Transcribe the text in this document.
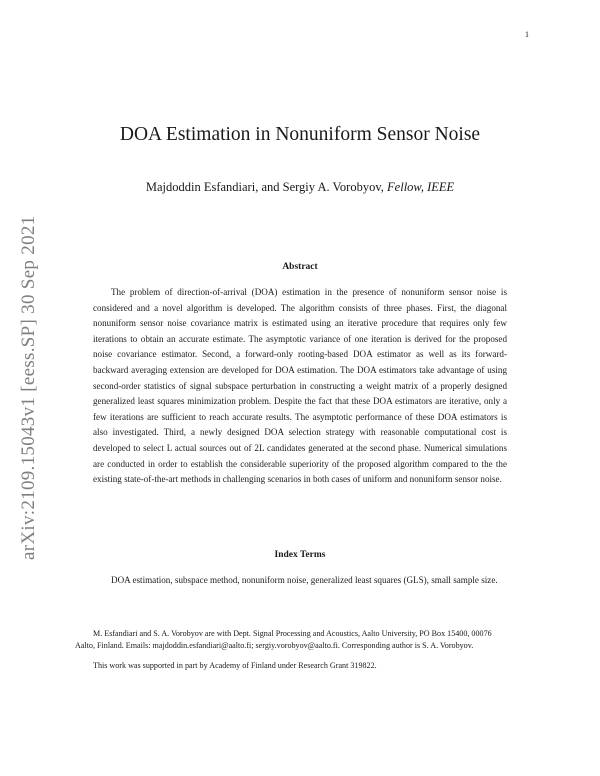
1
arXiv:2109.15043v1 [eess.SP] 30 Sep 2021
DOA Estimation in Nonuniform Sensor Noise

Majdoddin Esfandiari, and Sergiy A. Vorobyov, Fellow, IEEE

Abstract

The problem of direction-of-arrival (DOA) estimation in the presence of nonuniform sensor noise is considered and a novel algorithm is developed. The algorithm consists of three phases. First, the diagonal nonuniform sensor noise covariance matrix is estimated using an iterative procedure that requires only few iterations to obtain an accurate estimate. The asymptotic variance of one iteration is derived for the proposed noise covariance estimator. Second, a forward-only rooting-based DOA estimator as well as its forward-backward averaging extension are developed for DOA estimation. The DOA estimators take advantage of using second-order statistics of signal subspace perturbation in constructing a weight matrix of a properly designed generalized least squares minimization problem. Despite the fact that these DOA estimators are iterative, only a few iterations are sufficient to reach accurate results. The asymptotic performance of these DOA estimators is also investigated. Third, a newly designed DOA selection strategy with reasonable computational cost is developed to select L actual sources out of 2L candidates generated at the second phase. Numerical simulations are conducted in order to establish the considerable superiority of the proposed algorithm compared to the the existing state-of-the-art methods in challenging scenarios in both cases of uniform and nonuniform sensor noise.

Index Terms

DOA estimation, subspace method, nonuniform noise, generalized least squares (GLS), small sample size.

M. Esfandiari and S. A. Vorobyov are with Dept. Signal Processing and Acoustics, Aalto University, PO Box 15400, 00076

Aalto, Finland. Emails: majdoddin.esfandiari@aalto.fi; sergiy.vorobyov@aalto.fi. Corresponding author is S. A. Vorobyov.

This work was supported in part by Academy of Finland under Research Grant 319822.
